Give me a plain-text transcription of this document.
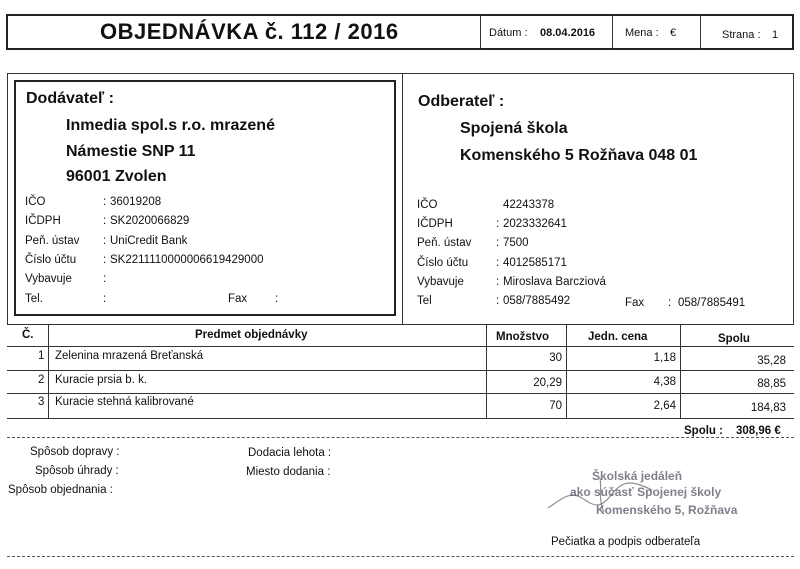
OBJEDNÁVKA č. 112 / 2016	Dátum : 08.04.2016	Mena : €	Strana : 1
Dodávateľ :
Inmedia spol.s r.o. mrazené
Námestie SNP 11
96001 Zvolen
IČO	: 36019208
IČDPH	: SK2020066829
Peň. ústav : UniCredit Bank
Číslo účtu : SK2211110000006619429000
Vybavuje	:
Tel.	:	Fax :
Odberateľ :
Spojená škola
Komenského 5 Rožňava 048 01
IČO	42243378
IČDPH	: 2023332641
Peň. ústav : 7500
Číslo účtu : 4012585171
Vybavuje	: Miroslava Barcziová
Tel	: 058/7885492	Fax : 058/7885491
Č.	Predmet objednávky	Množstvo	Jedn. cena	Spolu
1 Zelenina mrazená Breťanská	30	1,18	35,28
2 Kuracie prsia b. k.	20,29	4,38	88,85
3 Kuracie stehná kalibrované	70	2,64	184,83
Spolu : 308,96 €
Spôsob dopravy :
Spôsob úhrady :
Spôsob objednania :
Dodacia lehota :
Miesto dodania :	Školská jedáleň
ako súčasť Spojenej školy
Komenského 5, Rožňava
Pečiatka a podpis odberateľa
